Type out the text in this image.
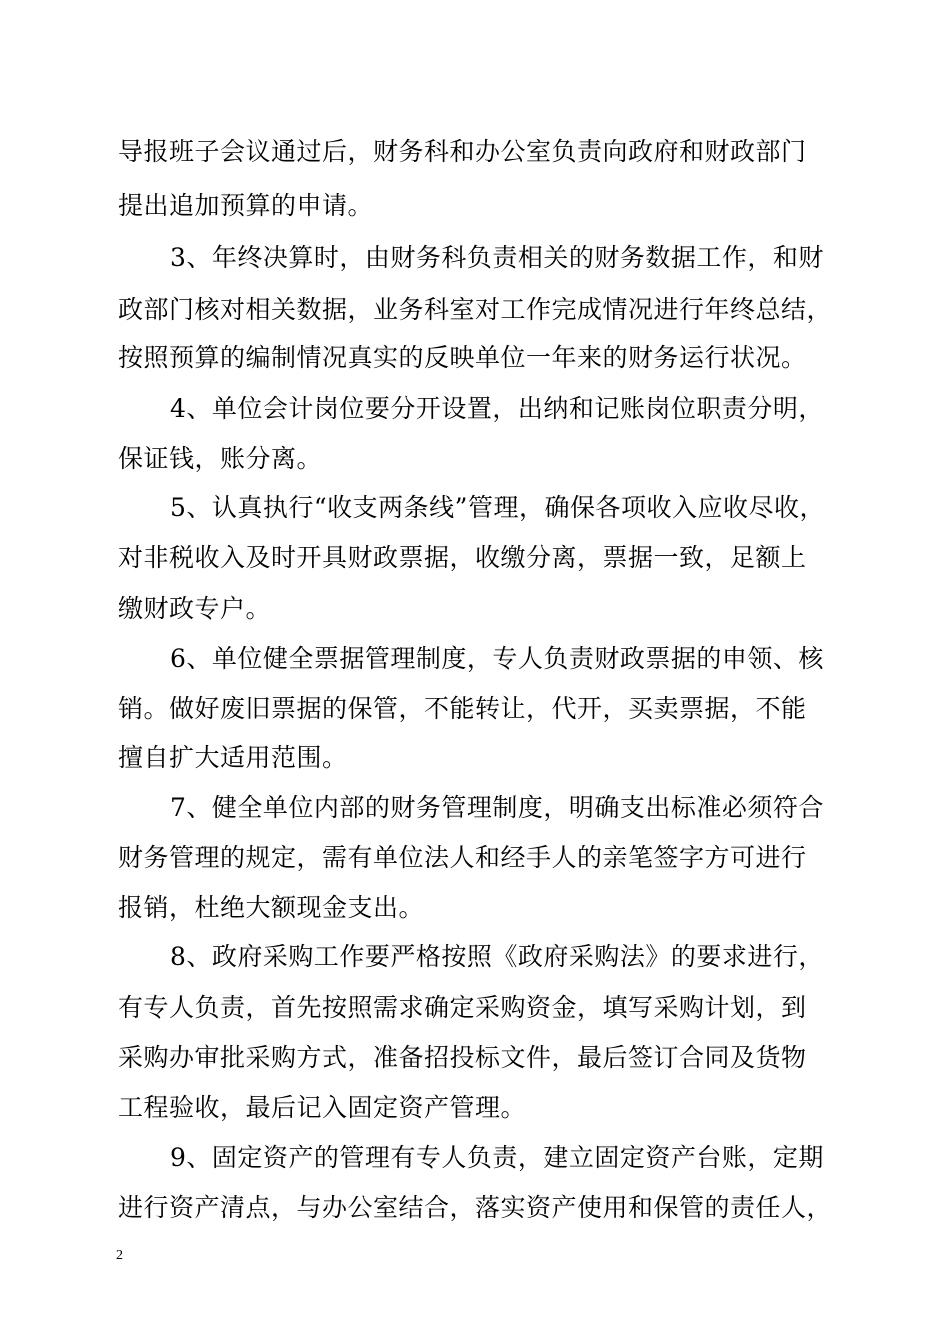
导报班子会议通过后，财务科和办公室负责向政府和财政部门
提出追加预算的申请。
3、年终决算时，由财务科负责相关的财务数据工作，和财
政部门核对相关数据，业务科室对工作完成情况进行年终总结，
按照预算的编制情况真实的反映单位一年来的财务运行状况。
4、单位会计岗位要分开设置，出纳和记账岗位职责分明，
保证钱，账分离。
5、认真执行“收支两条线”管理，确保各项收入应收尽收，
对非税收入及时开具财政票据，收缴分离，票据一致，足额上
缴财政专户。
6、单位健全票据管理制度，专人负责财政票据的申领、核
销。做好废旧票据的保管，不能转让，代开，买卖票据，不能
擅自扩大适用范围。
7、健全单位内部的财务管理制度，明确支出标准必须符合
财务管理的规定，需有单位法人和经手人的亲笔签字方可进行
报销，杜绝大额现金支出。
8、政府采购工作要严格按照《政府采购法》的要求进行，
有专人负责，首先按照需求确定采购资金，填写采购计划，到
采购办审批采购方式，准备招投标文件，最后签订合同及货物
工程验收，最后记入固定资产管理。
9、固定资产的管理有专人负责，建立固定资产台账，定期
进行资产清点，与办公室结合，落实资产使用和保管的责任人，
2
